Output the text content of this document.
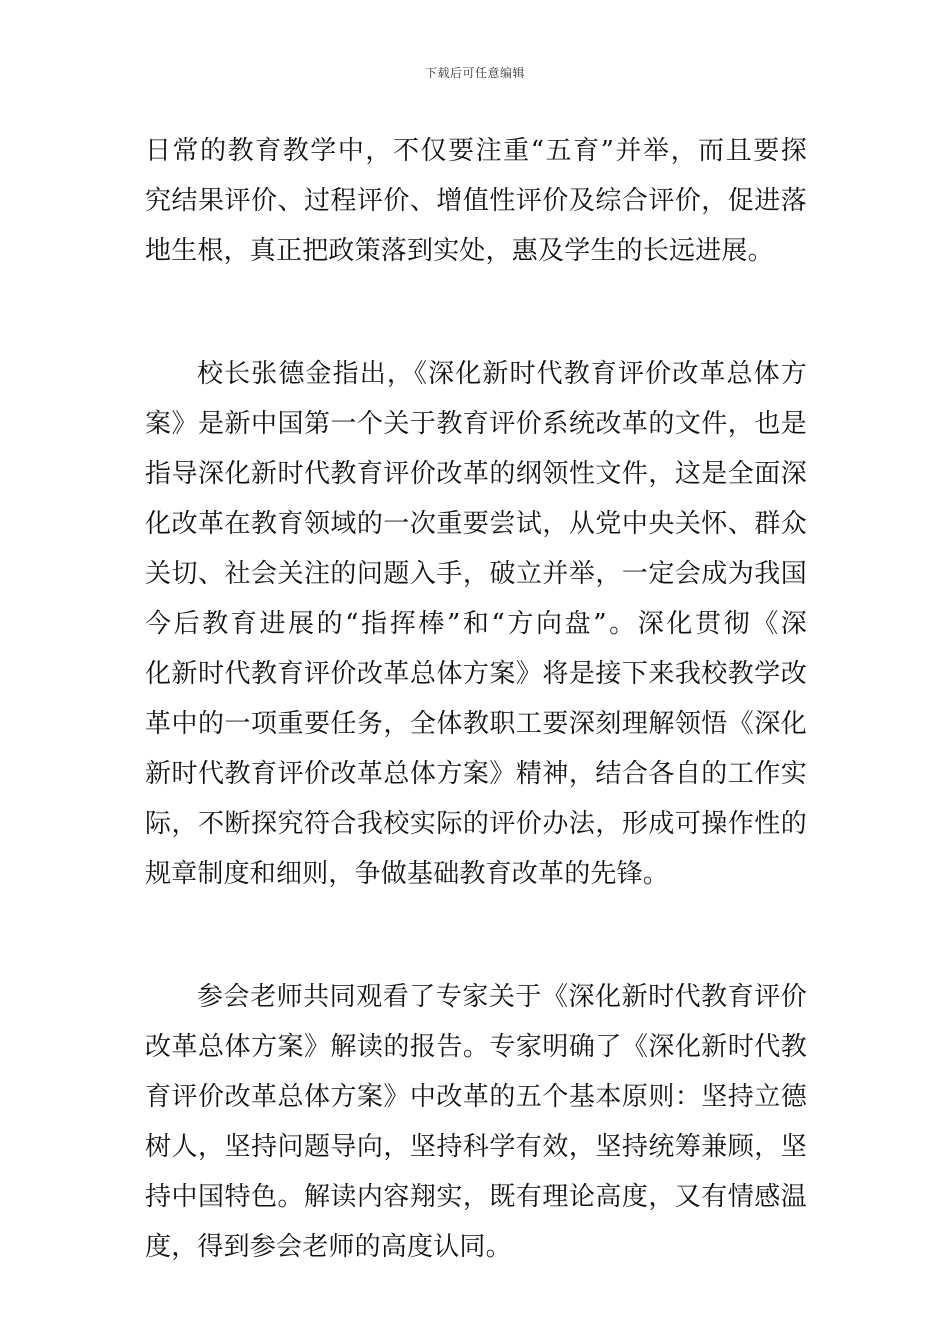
下载后可任意编辑
日常的教育教学中，不仅要注重“五育”并举，而且要探
究结果评价、过程评价、增值性评价及综合评价，促进落
地生根，真正把政策落到实处，惠及学生的长远进展。
校长张德金指出，《深化新时代教育评价改革总体方
案》是新中国第一个关于教育评价系统改革的文件，也是
指导深化新时代教育评价改革的纲领性文件，这是全面深
化改革在教育领域的一次重要尝试，从党中央关怀、群众
关切、社会关注的问题入手，破立并举，一定会成为我国
今后教育进展的“指挥棒”和“方向盘”。深化贯彻《深
化新时代教育评价改革总体方案》将是接下来我校教学改
革中的一项重要任务，全体教职工要深刻理解领悟《深化
新时代教育评价改革总体方案》精神，结合各自的工作实
际，不断探究符合我校实际的评价办法，形成可操作性的
规章制度和细则，争做基础教育改革的先锋。
参会老师共同观看了专家关于《深化新时代教育评价
改革总体方案》解读的报告。专家明确了《深化新时代教
育评价改革总体方案》中改革的五个基本原则：坚持立德
树人，坚持问题导向，坚持科学有效，坚持统筹兼顾，坚
持中国特色。解读内容翔实，既有理论高度，又有情感温
度，得到参会老师的高度认同。
